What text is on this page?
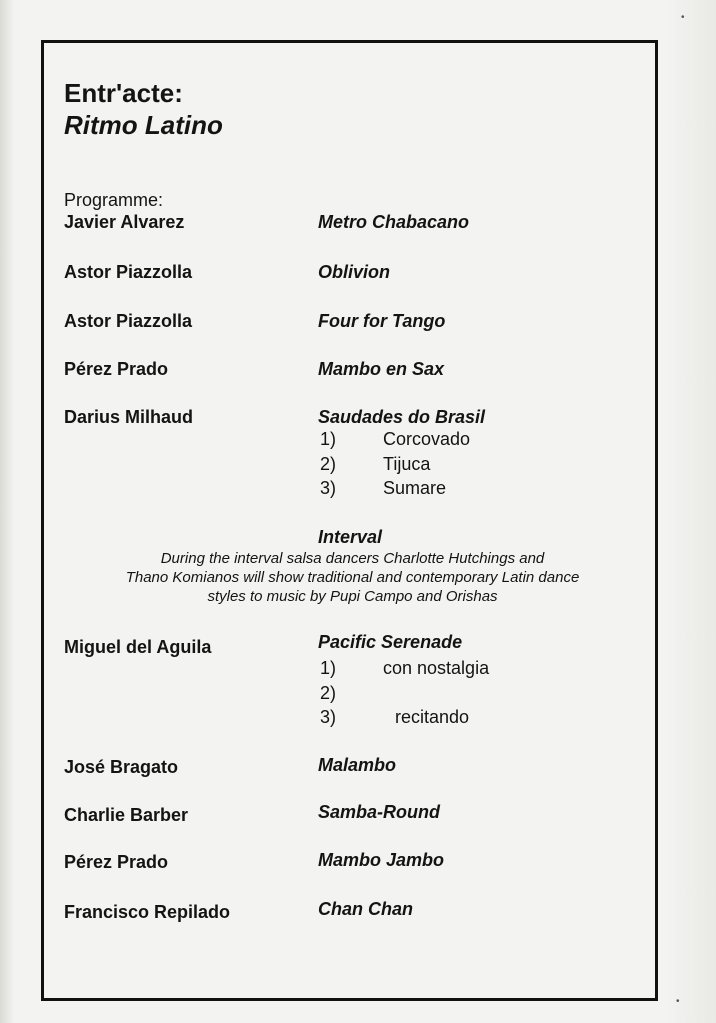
•
•
Entr'acte:
Ritmo Latino
Programme:
Javier Alvarez	Metro Chabacano
Astor Piazzolla	Oblivion
Astor Piazzolla	Four for Tango
Pérez Prado	Mambo en Sax
Darius Milhaud	Saudades do Brasil
1)	Corcovado
2)	Tijuca
3)	Sumare
Interval
During the interval salsa dancers Charlotte Hutchings and
Thano Komianos will show traditional and contemporary Latin dance
styles to music by Pupi Campo and Orishas
Miguel del Aguila	Pacific Serenade
1)	con nostalgia
2)
3)	recitando
José Bragato	Malambo
Charlie Barber	Samba-Round
Pérez Prado	Mambo Jambo
Francisco Repilado	Chan Chan
